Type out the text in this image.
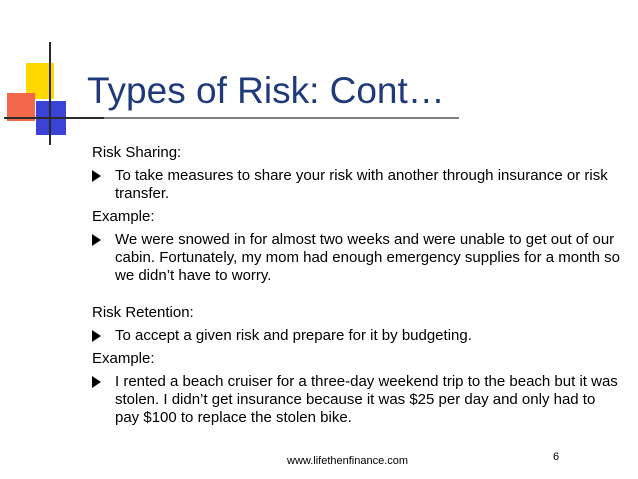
Types of Risk: Cont…

Risk Sharing:

To take measures to share your risk with another through insurance or risk transfer.

Example:

We were snowed in for almost two weeks and were unable to get out of our cabin. Fortunately, my mom had enough emergency supplies for a month so we didn’t have to worry.

Risk Retention:

To accept a given risk and prepare for it by budgeting.

Example:

I rented a beach cruiser for a three-day weekend trip to the beach but it was stolen. I didn’t get insurance because it was $25 per day and only had to pay $100 to replace the stolen bike.
www.lifethenfinance.com	6
